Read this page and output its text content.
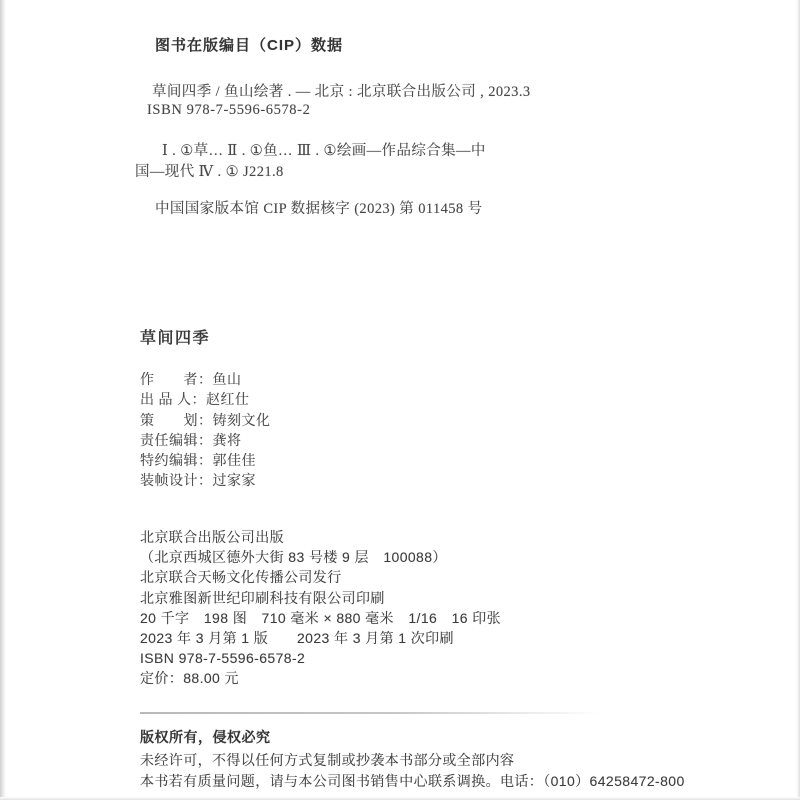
图书在版编目（CIP）数据
草间四季 / 鱼山绘著 . — 北京 : 北京联合出版公司 , 2023.3
ISBN 978-7-5596-6578-2
Ⅰ . ①草… Ⅱ . ①鱼… Ⅲ . ①绘画—作品综合集—中
国—现代 Ⅳ . ① J221.8
中国国家版本馆 CIP 数据核字 (2023) 第 011458 号
草间四季
作　　者：鱼山
出 品 人：赵红仕
策　　划：铸刻文化
责任编辑：龚将
特约编辑：郭佳佳
装帧设计：过家家
北京联合出版公司出版
（北京西城区德外大街 83 号楼 9 层　100088）
北京联合天畅文化传播公司发行
北京雅图新世纪印刷科技有限公司印刷
20 千字　198 图　710 毫米 × 880 毫米　1/16　16 印张
2023 年 3 月第 1 版　　2023 年 3 月第 1 次印刷
ISBN 978-7-5596-6578-2
定价：88.00 元
版权所有，侵权必究
未经许可，不得以任何方式复制或抄袭本书部分或全部内容
本书若有质量问题，请与本公司图书销售中心联系调换。电话：（010）64258472-800
